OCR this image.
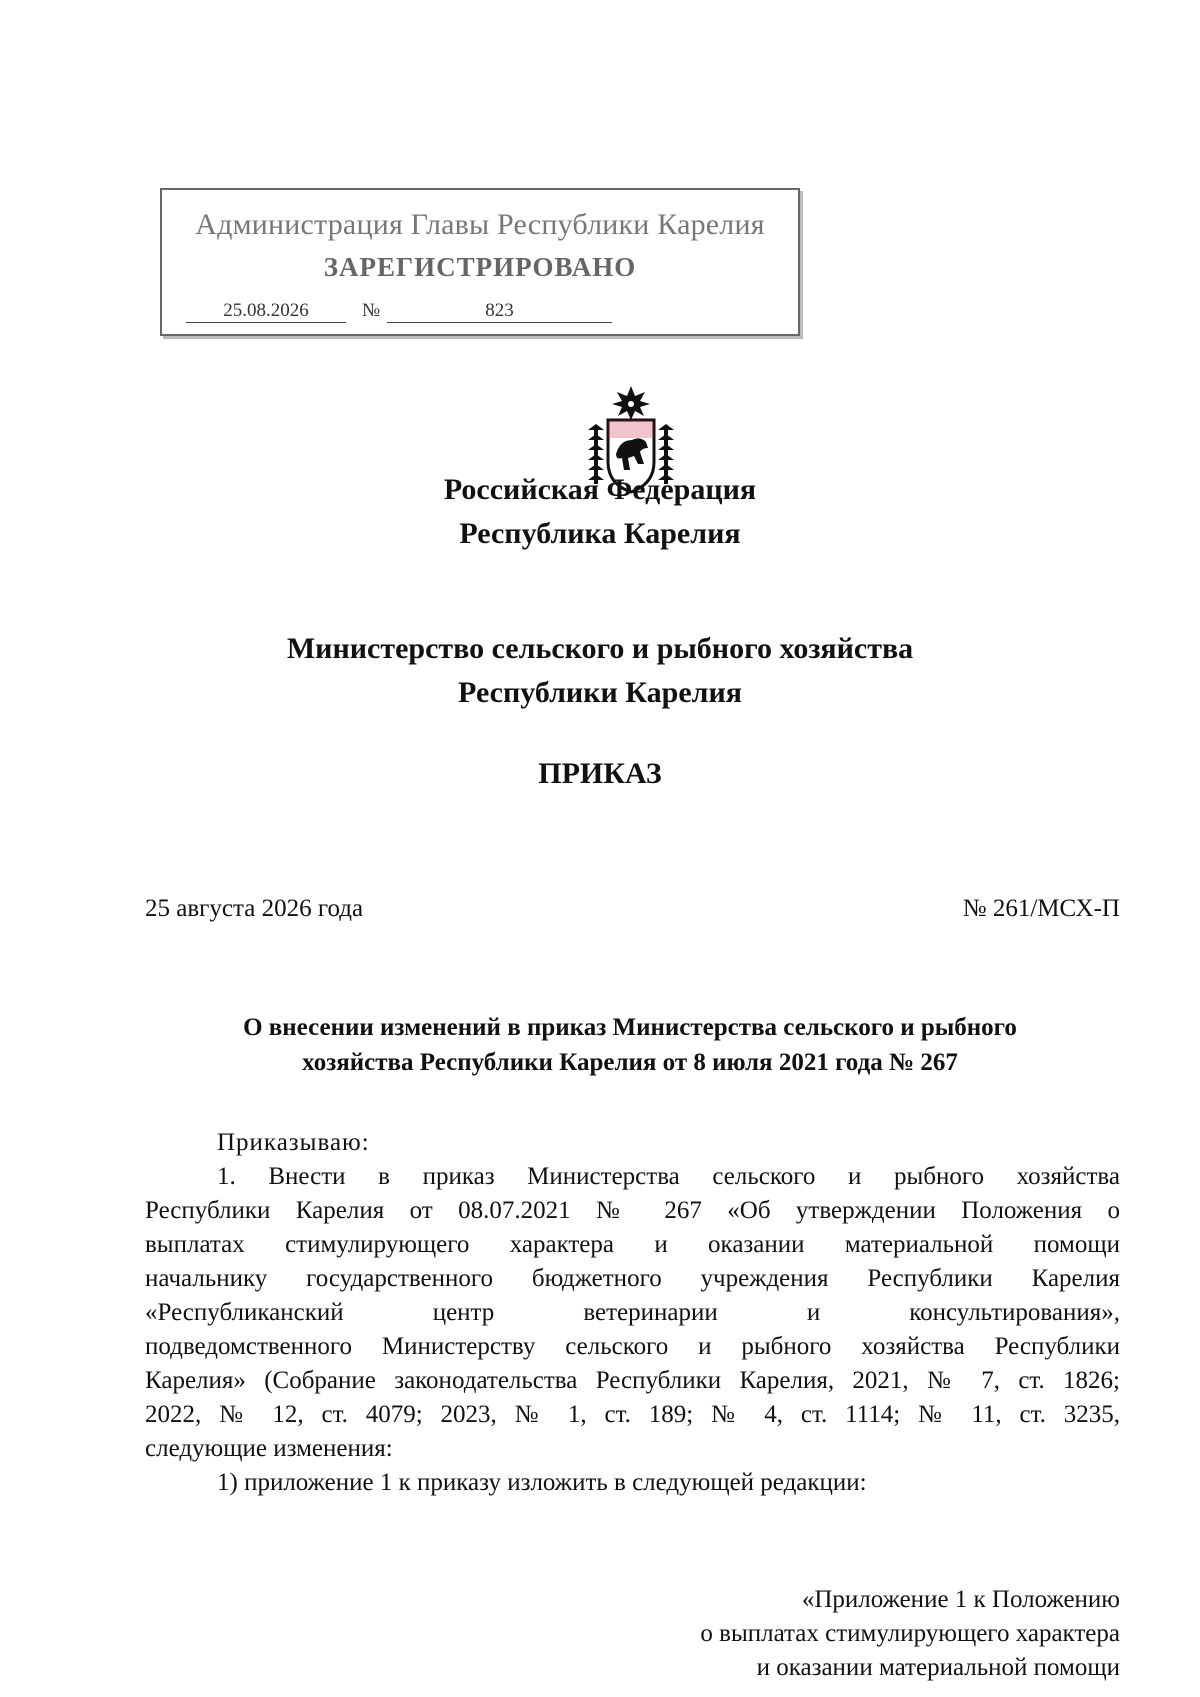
Администрация Главы Республики Карелия
ЗАРЕГИСТРИРОВАНО
25.08.2026	№	823
Российская Федерация
Республика Карелия
Министерство сельского и рыбного хозяйства
Республики Карелия
ПРИКАЗ
25 августа 2026 года	№ 261/МСХ-П
О внесении изменений в приказ Министерства сельского и рыбного
хозяйства Республики Карелия от 8 июля 2021 года № 267
Приказываю:
1. Внести в приказ Министерства сельского и рыбного хозяйства
Республики Карелия от 08.07.2021 № 267 «Об утверждении Положения о
выплатах стимулирующего характера и оказании материальной помощи
начальнику государственного бюджетного учреждения Республики Карелия
«Республиканский центр ветеринарии и консультирования»,
подведомственного Министерству сельского и рыбного хозяйства Республики
Карелия» (Собрание законодательства Республики Карелия, 2021, № 7, ст. 1826;
2022, № 12, ст. 4079; 2023, № 1, ст. 189; № 4, ст. 1114; № 11, ст. 3235,
следующие изменения:
1) приложение 1 к приказу изложить в следующей редакции:
«Приложение 1 к Положению
о выплатах стимулирующего характера
и оказании материальной помощи
